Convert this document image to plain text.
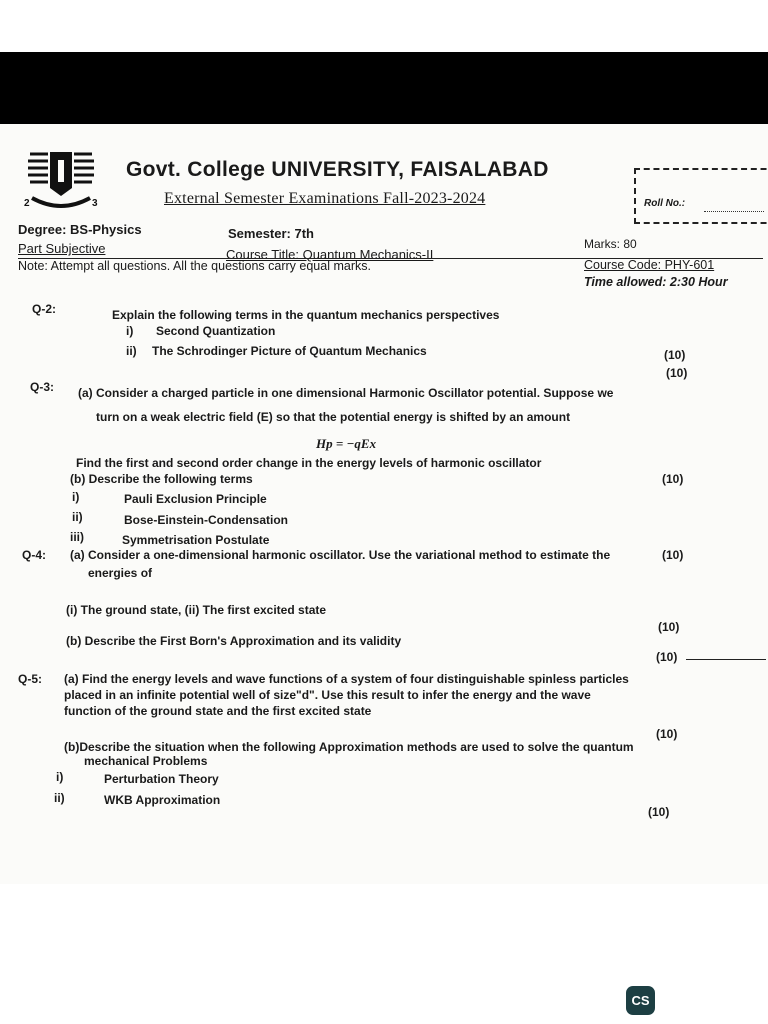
2	3
Govt. College UNIVERSITY, FAISALABAD
External Semester Examinations Fall-2023-2024	Roll No.:
Degree: BS-Physics	Semester: 7th
Marks: 80
Part Subjective	Course Title: Quantum Mechanics-II
Course Code: PHY-601
Note: Attempt all questions. All the questions carry equal marks.
Time allowed: 2:30 Hour
Q-2:	Explain the following terms in the quantum mechanics perspectives
i) Second Quantization
ii) The Schrodinger Picture of Quantum Mechanics	(10)
(10)
Q-3: (a) Consider a charged particle in one dimensional Harmonic Oscillator potential. Suppose we
turn on a weak electric field (E) so that the potential energy is shifted by an amount
Hp = −qEx
Find the first and second order change in the energy levels of harmonic oscillator
(10)
(b) Describe the following terms
i)	Pauli Exclusion Principle
ii)	Bose-Einstein-Condensation
iii)	Symmetrisation Postulate
(10)
Q-4: (a) Consider a one-dimensional harmonic oscillator. Use the variational method to estimate the
energies of
(i) The ground state, (ii) The first excited state
(10)
(b) Describe the First Born's Approximation and its validity
(10)
Q-5: (a) Find the energy levels and wave functions of a system of four distinguishable spinless particles
placed in an infinite potential well of size"d". Use this result to infer the energy and the wave
function of the ground state and the first excited state
(10)
(b)Describe the situation when the following Approximation methods are used to solve the quantum
mechanical Problems
i)	Perturbation Theory
ii)	WKB Approximation
(10)
CS
